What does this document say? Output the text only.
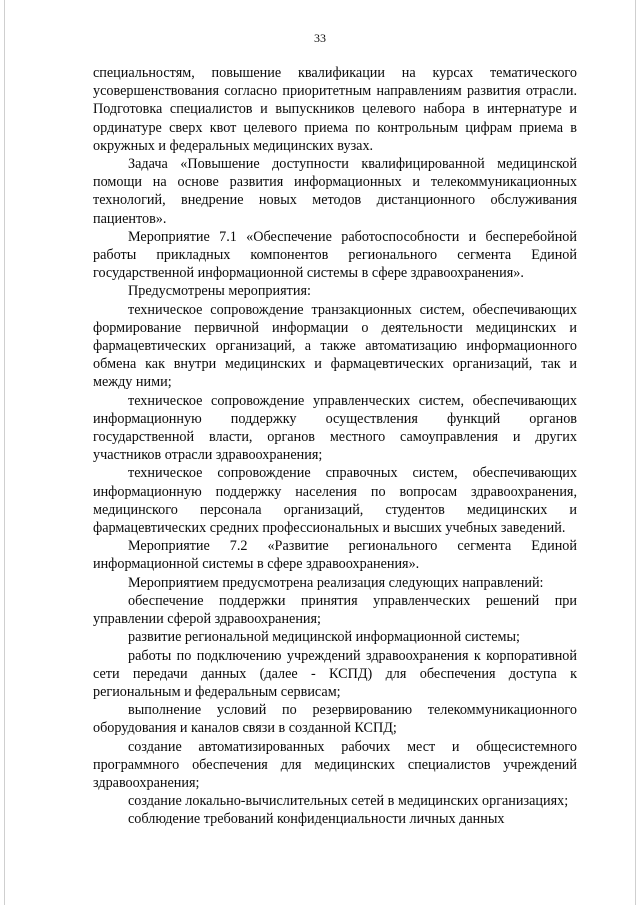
33

специальностям, повышение квалификации на курсах тематического усовершенствования согласно приоритетным направлениям развития отрасли. Подготовка специалистов и выпускников целевого набора в интернатуре и ординатуре сверх квот целевого приема по контрольным цифрам приема в окружных и федеральных медицинских вузах.

Задача «Повышение доступности квалифицированной медицинской помощи на основе развития информационных и телекоммуникационных технологий, внедрение новых методов дистанционного обслуживания пациентов».

Мероприятие 7.1 «Обеспечение работоспособности и бесперебойной работы прикладных компонентов регионального сегмента Единой государственной информационной системы в сфере здравоохранения».

Предусмотрены мероприятия:

техническое сопровождение транзакционных систем, обеспечивающих формирование первичной информации о деятельности медицинских и фармацевтических организаций, а также автоматизацию информационного обмена как внутри медицинских и фармацевтических организаций, так и между ними;

техническое сопровождение управленческих систем, обеспечивающих информационную поддержку осуществления функций органов государственной власти, органов местного самоуправления и других участников отрасли здравоохранения;

техническое сопровождение справочных систем, обеспечивающих информационную поддержку населения по вопросам здравоохранения, медицинского персонала организаций, студентов медицинских и фармацевтических средних профессиональных и высших учебных заведений.

Мероприятие 7.2 «Развитие регионального сегмента Единой информационной системы в сфере здравоохранения».

Мероприятием предусмотрена реализация следующих направлений:

обеспечение поддержки принятия управленческих решений при управлении сферой здравоохранения;

развитие региональной медицинской информационной системы;

работы по подключению учреждений здравоохранения к корпоративной сети передачи данных (далее - КСПД) для обеспечения доступа к региональным и федеральным сервисам;

выполнение условий по резервированию телекоммуникационного оборудования и каналов связи в созданной КСПД;

создание автоматизированных рабочих мест и общесистемного программного обеспечения для медицинских специалистов учреждений здравоохранения;

создание локально-вычислительных сетей в медицинских организациях;

соблюдение требований конфиденциальности личных данных
